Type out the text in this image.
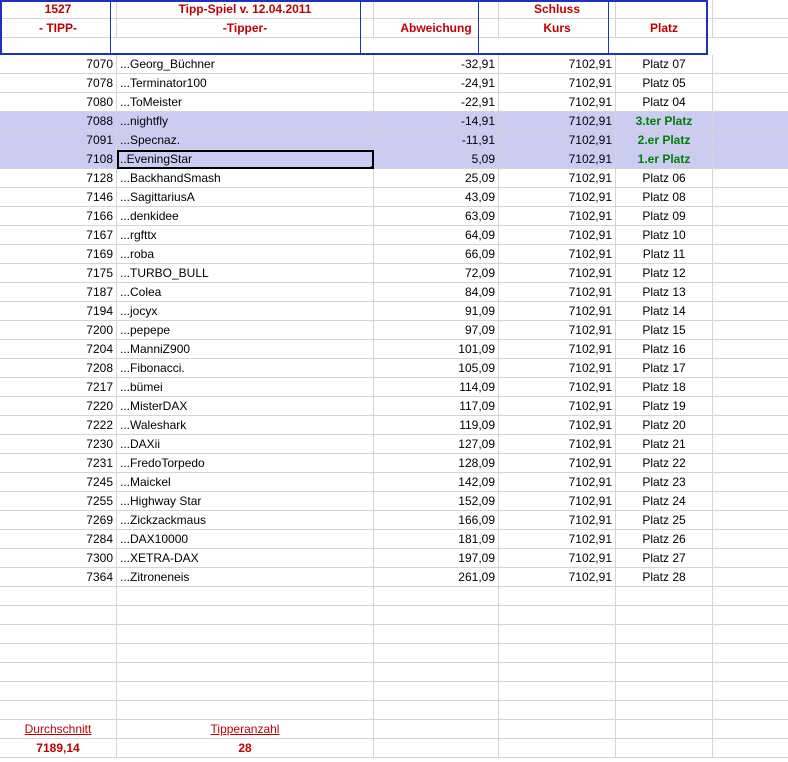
1527	Tipp-Spiel v. 12.04.2011		Schluss		
- TIPP-	-Tipper-	Abweichung	Kurs	Platz	
7070	...Georg_Büchner	-32,91	7102,91	Platz 07	
7078	...Terminator100	-24,91	7102,91	Platz 05	
7080	...ToMeister	-22,91	7102,91	Platz 04	
7088	...nightfly	-14,91	7102,91	3.ter Platz	
7091	...Specnaz.	-11,91	7102,91	2.er Platz	
7108	..EveningStar	5,09	7102,91	1.er Platz	
7128	...BackhandSmash	25,09	7102,91	Platz 06	
7146	...SagittariusA	43,09	7102,91	Platz 08	
7166	...denkidee	63,09	7102,91	Platz 09	
7167	...rgfttx	64,09	7102,91	Platz 10	
7169	...roba	66,09	7102,91	Platz 11	
7175	...TURBO_BULL	72,09	7102,91	Platz 12	
7187	...Colea	84,09	7102,91	Platz 13	
7194	...jocyx	91,09	7102,91	Platz 14	
7200	...pepepe	97,09	7102,91	Platz 15	
7204	...ManniZ900	101,09	7102,91	Platz 16	
7208	...Fibonacci.	105,09	7102,91	Platz 17	
7217	...bümei	114,09	7102,91	Platz 18	
7220	...MisterDAX	117,09	7102,91	Platz 19	
7222	...Waleshark	119,09	7102,91	Platz 20	
7230	...DAXii	127,09	7102,91	Platz 21	
7231	...FredoTorpedo	128,09	7102,91	Platz 22	
7245	...Maickel	142,09	7102,91	Platz 23	
7255	...Highway Star	152,09	7102,91	Platz 24	
7269	...Zickzackmaus	166,09	7102,91	Platz 25	
7284	...DAX10000	181,09	7102,91	Platz 26	
7300	...XETRA-DAX	197,09	7102,91	Platz 27	
7364	...Zitroneneis	261,09	7102,91	Platz 28	

Durchschnitt	Tipperanzahl				
7189,14	28				
